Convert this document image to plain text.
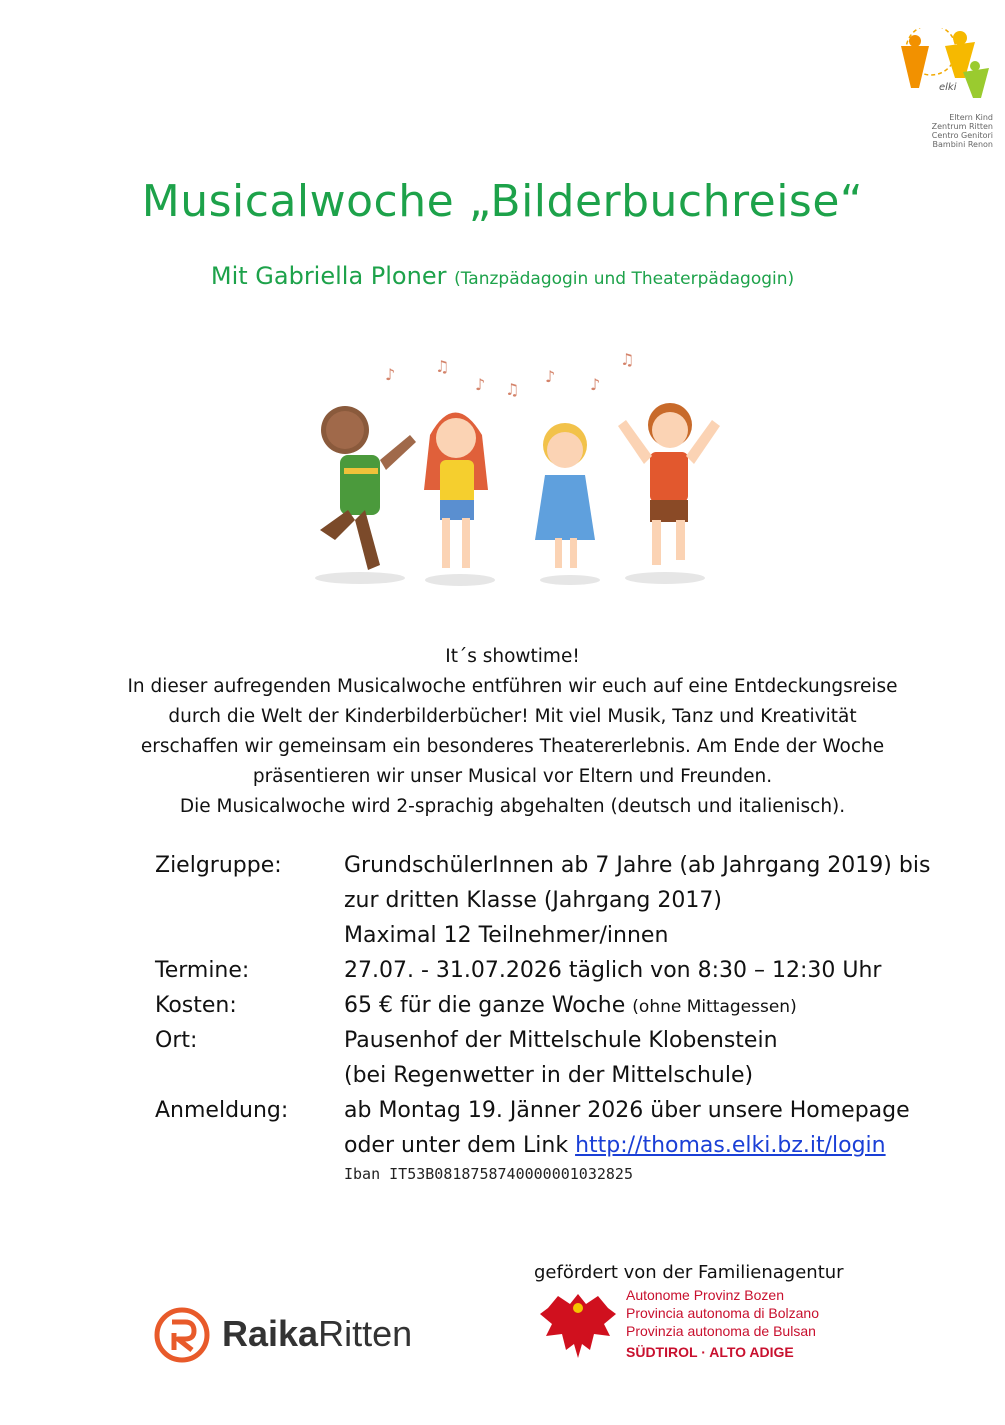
elki
Eltern Kind
Zentrum Ritten
Centro Genitori
Bambini Renon
Musicalwoche „Bilderbuchreise“
Mit Gabriella Ploner (Tanzpädagogin und Theaterpädagogin)
♪ ♫
♪ ♫
♪ ♪
♫

It´s showtime!

In dieser aufregenden Musicalwoche entführen wir euch auf eine Entdeckungsreise

durch die Welt der Kinderbilderbücher! Mit viel Musik, Tanz und Kreativität

erschaffen wir gemeinsam ein besonderes Theatererlebnis. Am Ende der Woche

präsentieren wir unser Musical vor Eltern und Freunden.

Die Musicalwoche wird 2-sprachig abgehalten (deutsch und italienisch).

Zielgruppe:	GrundschülerInnen ab 7 Jahre (ab Jahrgang 2019) bis
zur dritten Klasse (Jahrgang 2017)
Maximal 12 Teilnehmer/innen
Termine:	27.07. - 31.07.2026 täglich von 8:30 – 12:30 Uhr
Kosten:	65 € für die ganze Woche (ohne Mittagessen)
Ort:	Pausenhof der Mittelschule Klobenstein
(bei Regenwetter in der Mittelschule)
Anmeldung:	ab Montag 19. Jänner 2026 über unsere Homepage
oder unter dem Link http://thomas.elki.bz.it/login
Iban IT53B0818758740000001032825
RaikaRitten
gefördert von der Familienagentur
Autonome Provinz Bozen
Provincia autonoma di Bolzano
Provinzia autonoma de Bulsan
SÜDTIROL · ALTO ADIGE
